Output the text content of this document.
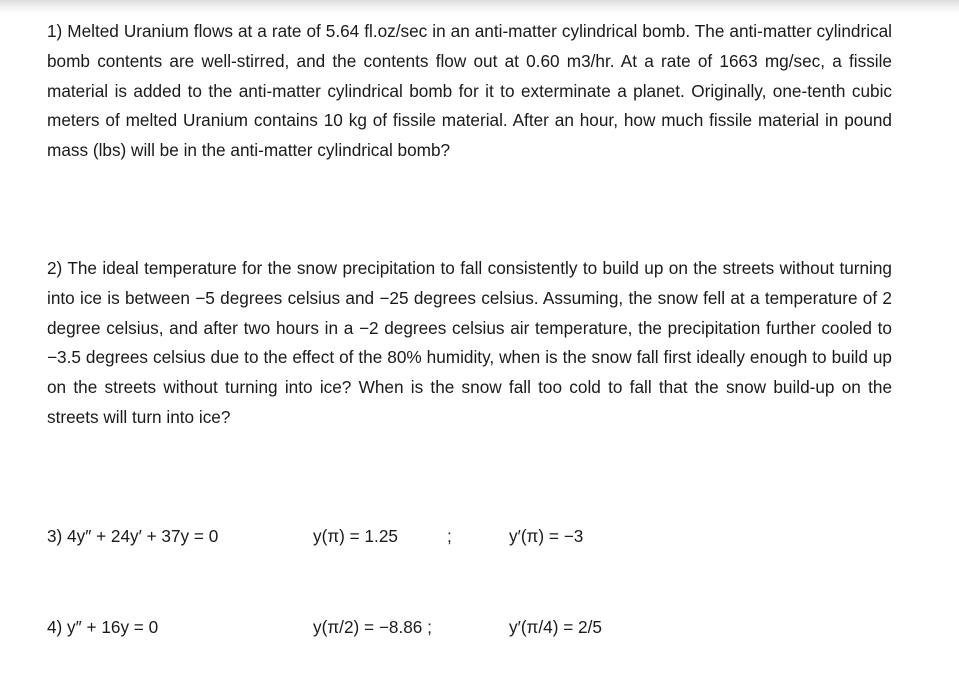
1) Melted Uranium flows at a rate of 5.64 fl.oz/sec in an anti-matter cylindrical bomb. The anti-matter cylindrical bomb contents are well-stirred, and the contents flow out at 0.60 m3/hr. At a rate of 1663 mg/sec, a fissile material is added to the anti-matter cylindrical bomb for it to exterminate a planet. Originally, one-tenth cubic meters of melted Uranium contains 10 kg of fissile material. After an hour, how much fissile material in pound mass (lbs) will be in the anti-matter cylindrical bomb?

2) The ideal temperature for the snow precipitation to fall consistently to build up on the streets without turning into ice is between −5 degrees celsius and −25 degrees celsius. Assuming, the snow fell at a temperature of 2 degree celsius, and after two hours in a −2 degrees celsius air temperature, the precipitation further cooled to −3.5 degrees celsius due to the effect of the 80% humidity, when is the snow fall first ideally enough to build up on the streets without turning into ice? When is the snow fall too cold to fall that the snow build-up on the streets will turn into ice?

3) 4y″ + 24y′ + 37y = 0	y(π) = 1.25	;	y′(π) = −3
4) y″ + 16y = 0	y(π/2) = −8.86 ;	y′(π/4) = 2/5
